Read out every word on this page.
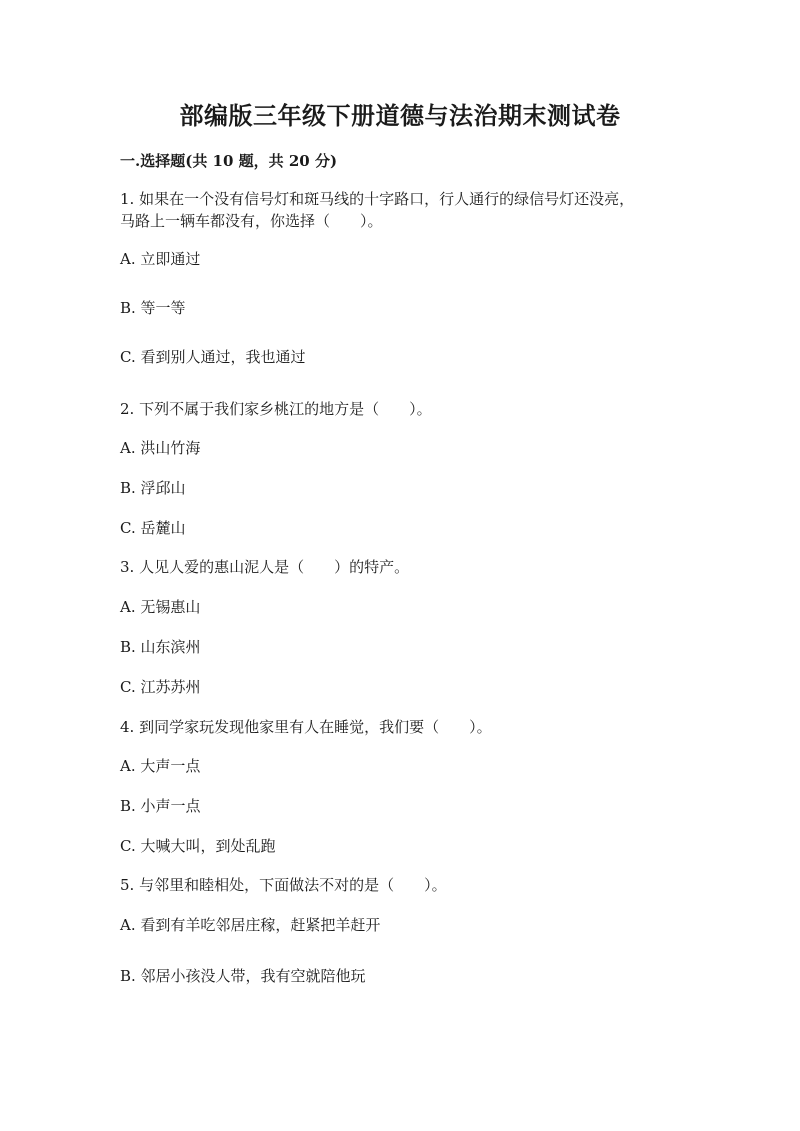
部编版三年级下册道德与法治期末测试卷
一.选择题(共 10 题，共 20 分)
1. 如果在一个没有信号灯和斑马线的十字路口，行人通行的绿信号灯还没亮，
马路上一辆车都没有，你选择（　　）。
A. 立即通过
B. 等一等
C. 看到别人通过，我也通过
2. 下列不属于我们家乡桃江的地方是（　　）。
A. 洪山竹海
B. 浮邱山
C. 岳麓山
3. 人见人爱的惠山泥人是（　　）的特产。
A. 无锡惠山
B. 山东滨州
C. 江苏苏州
4. 到同学家玩发现他家里有人在睡觉，我们要（　　）。
A. 大声一点
B. 小声一点
C. 大喊大叫，到处乱跑
5. 与邻里和睦相处，下面做法不对的是（　　）。
A. 看到有羊吃邻居庄稼，赶紧把羊赶开
B. 邻居小孩没人带，我有空就陪他玩
